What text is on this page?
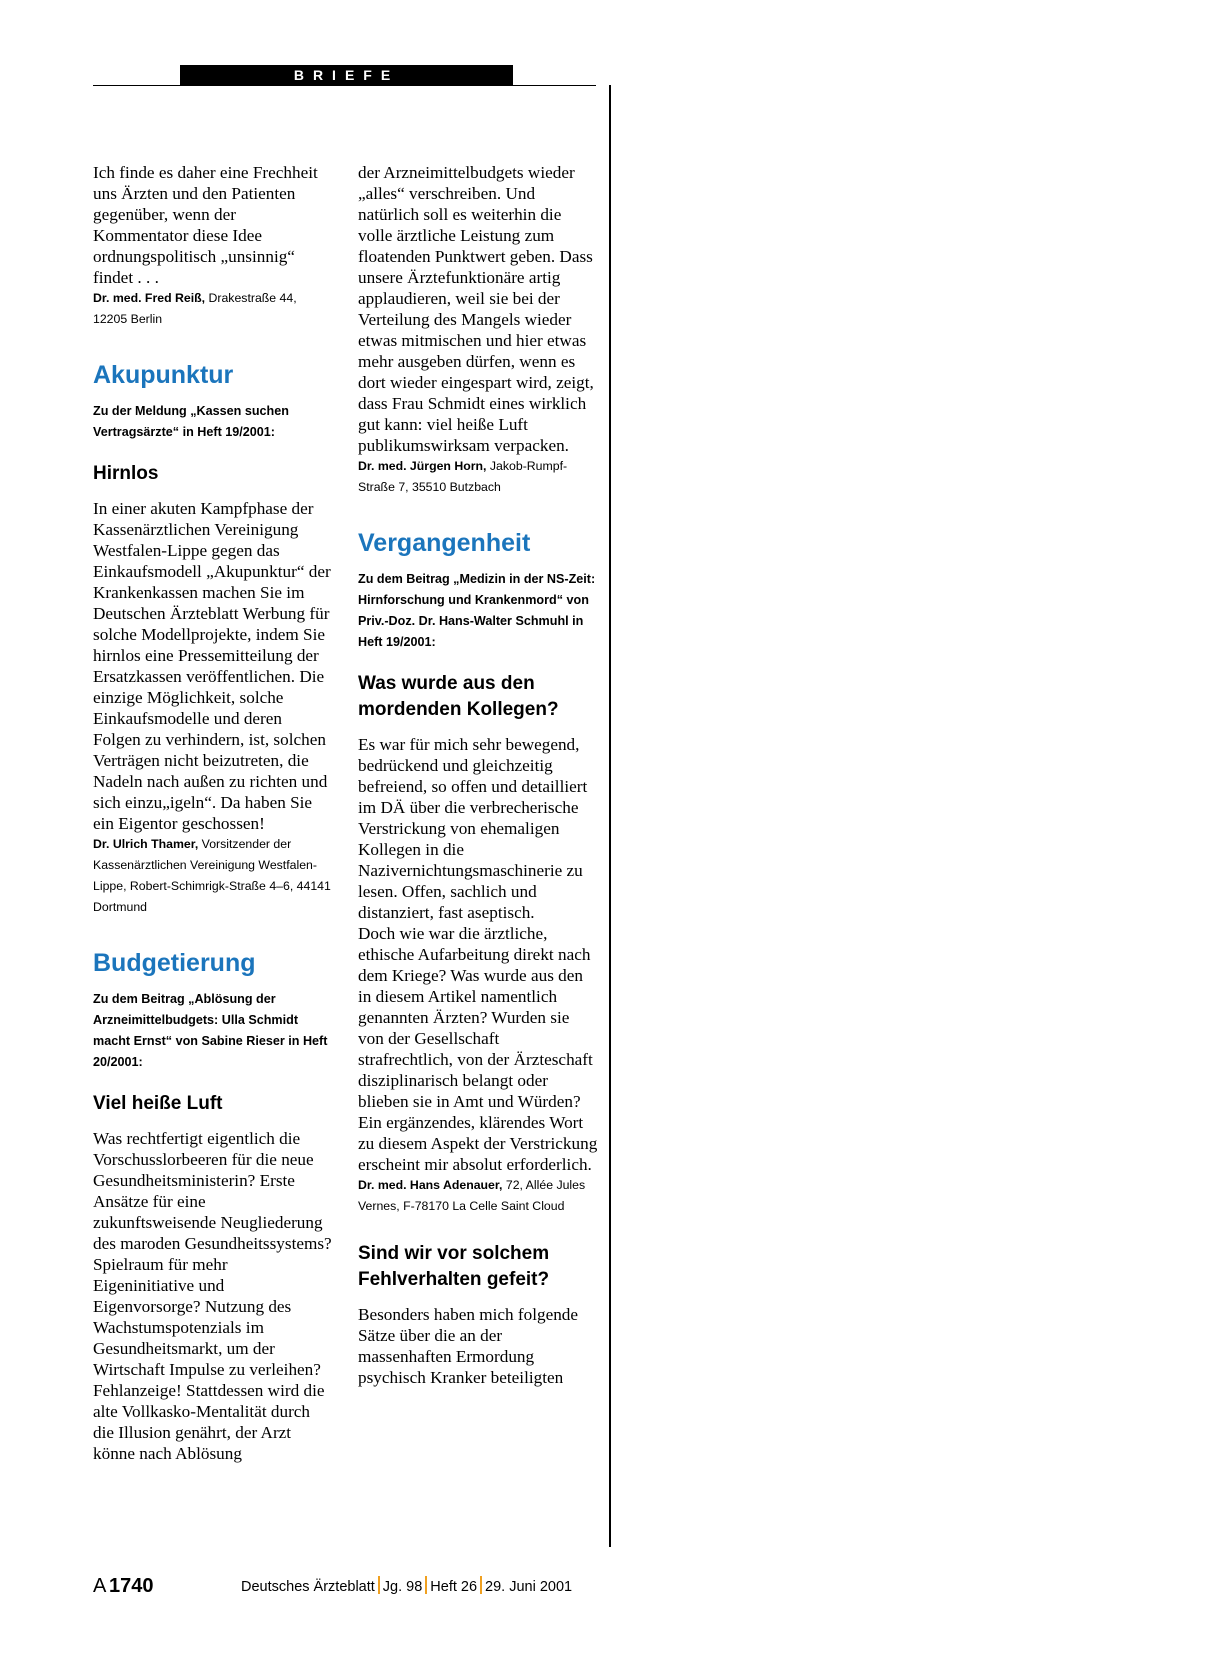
BRIEFE

Ich finde es daher eine Frechheit uns Ärzten und den Patienten gegenüber, wenn der Kommentator diese Idee ordnungspolitisch „unsinnig“ findet . . .

Dr. med. Fred Reiß, Drakestraße 44, 12205 Berlin

Akupunktur

Zu der Meldung „Kassen suchen Vertragsärzte“ in Heft 19/2001:

Hirnlos

In einer akuten Kampfphase der Kassenärztlichen Vereinigung Westfalen-Lippe gegen das Einkaufsmodell „Akupunktur“ der Krankenkassen machen Sie im Deutschen Ärzteblatt Werbung für solche Modellprojekte, indem Sie hirnlos eine Pressemitteilung der Ersatzkassen veröffentlichen. Die einzige Möglichkeit, solche Einkaufsmodelle und deren Folgen zu verhindern, ist, solchen Verträgen nicht beizutreten, die Nadeln nach außen zu richten und sich einzu„igeln“. Da haben Sie ein Eigentor geschossen!

Dr. Ulrich Thamer, Vorsitzender der Kassenärztlichen Vereinigung Westfalen-Lippe, Robert-Schimrigk-Straße 4–6, 44141 Dortmund

Budgetierung

Zu dem Beitrag „Ablösung der Arzneimittelbudgets: Ulla Schmidt macht Ernst“ von Sabine Rieser in Heft 20/2001:

Viel heiße Luft

Was rechtfertigt eigentlich die Vorschusslorbeeren für die neue Gesundheitsministerin? Erste Ansätze für eine zukunftsweisende Neugliederung des maroden Gesundheitssystems? Spielraum für mehr Eigeninitiative und Eigenvorsorge? Nutzung des Wachstumspotenzials im Gesundheitsmarkt, um der Wirtschaft Impulse zu verleihen? Fehlanzeige! Stattdessen wird die alte Vollkasko-Mentalität durch die Illusion genährt, der Arzt könne nach Ablösung

der Arzneimittelbudgets wieder „alles“ verschreiben. Und natürlich soll es weiterhin die volle ärztliche Leistung zum floatenden Punktwert geben. Dass unsere Ärztefunktionäre artig applaudieren, weil sie bei der Verteilung des Mangels wieder etwas mitmischen und hier etwas mehr ausgeben dürfen, wenn es dort wieder eingespart wird, zeigt, dass Frau Schmidt eines wirklich gut kann: viel heiße Luft publikumswirksam verpacken.

Dr. med. Jürgen Horn, Jakob-Rumpf-Straße 7, 35510 Butzbach

Vergangenheit

Zu dem Beitrag „Medizin in der NS-Zeit: Hirnforschung und Krankenmord“ von Priv.-Doz. Dr. Hans-Walter Schmuhl in Heft 19/2001:

Was wurde aus den mordenden Kollegen?

Es war für mich sehr bewegend, bedrückend und gleichzeitig befreiend, so offen und detailliert im DÄ über die verbrecherische Verstrickung von ehemaligen Kollegen in die Nazivernichtungsmaschinerie zu lesen. Offen, sachlich und distanziert, fast aseptisch.

Doch wie war die ärztliche, ethische Aufarbeitung direkt nach dem Kriege? Was wurde aus den in diesem Artikel namentlich genannten Ärzten? Wurden sie von der Gesellschaft strafrechtlich, von der Ärzteschaft disziplinarisch belangt oder blieben sie in Amt und Würden?

Ein ergänzendes, klärendes Wort zu diesem Aspekt der Verstrickung erscheint mir absolut erforderlich.

Dr. med. Hans Adenauer, 72, Allée Jules Vernes, F-78170 La Celle Saint Cloud

Sind wir vor solchem Fehlverhalten gefeit?

Besonders haben mich folgende Sätze über die an der massenhaften Ermordung psychisch Kranker beteiligten

A 1740	Deutsches Ärzteblatt Jg. 98 Heft 26 29. Juni 2001
